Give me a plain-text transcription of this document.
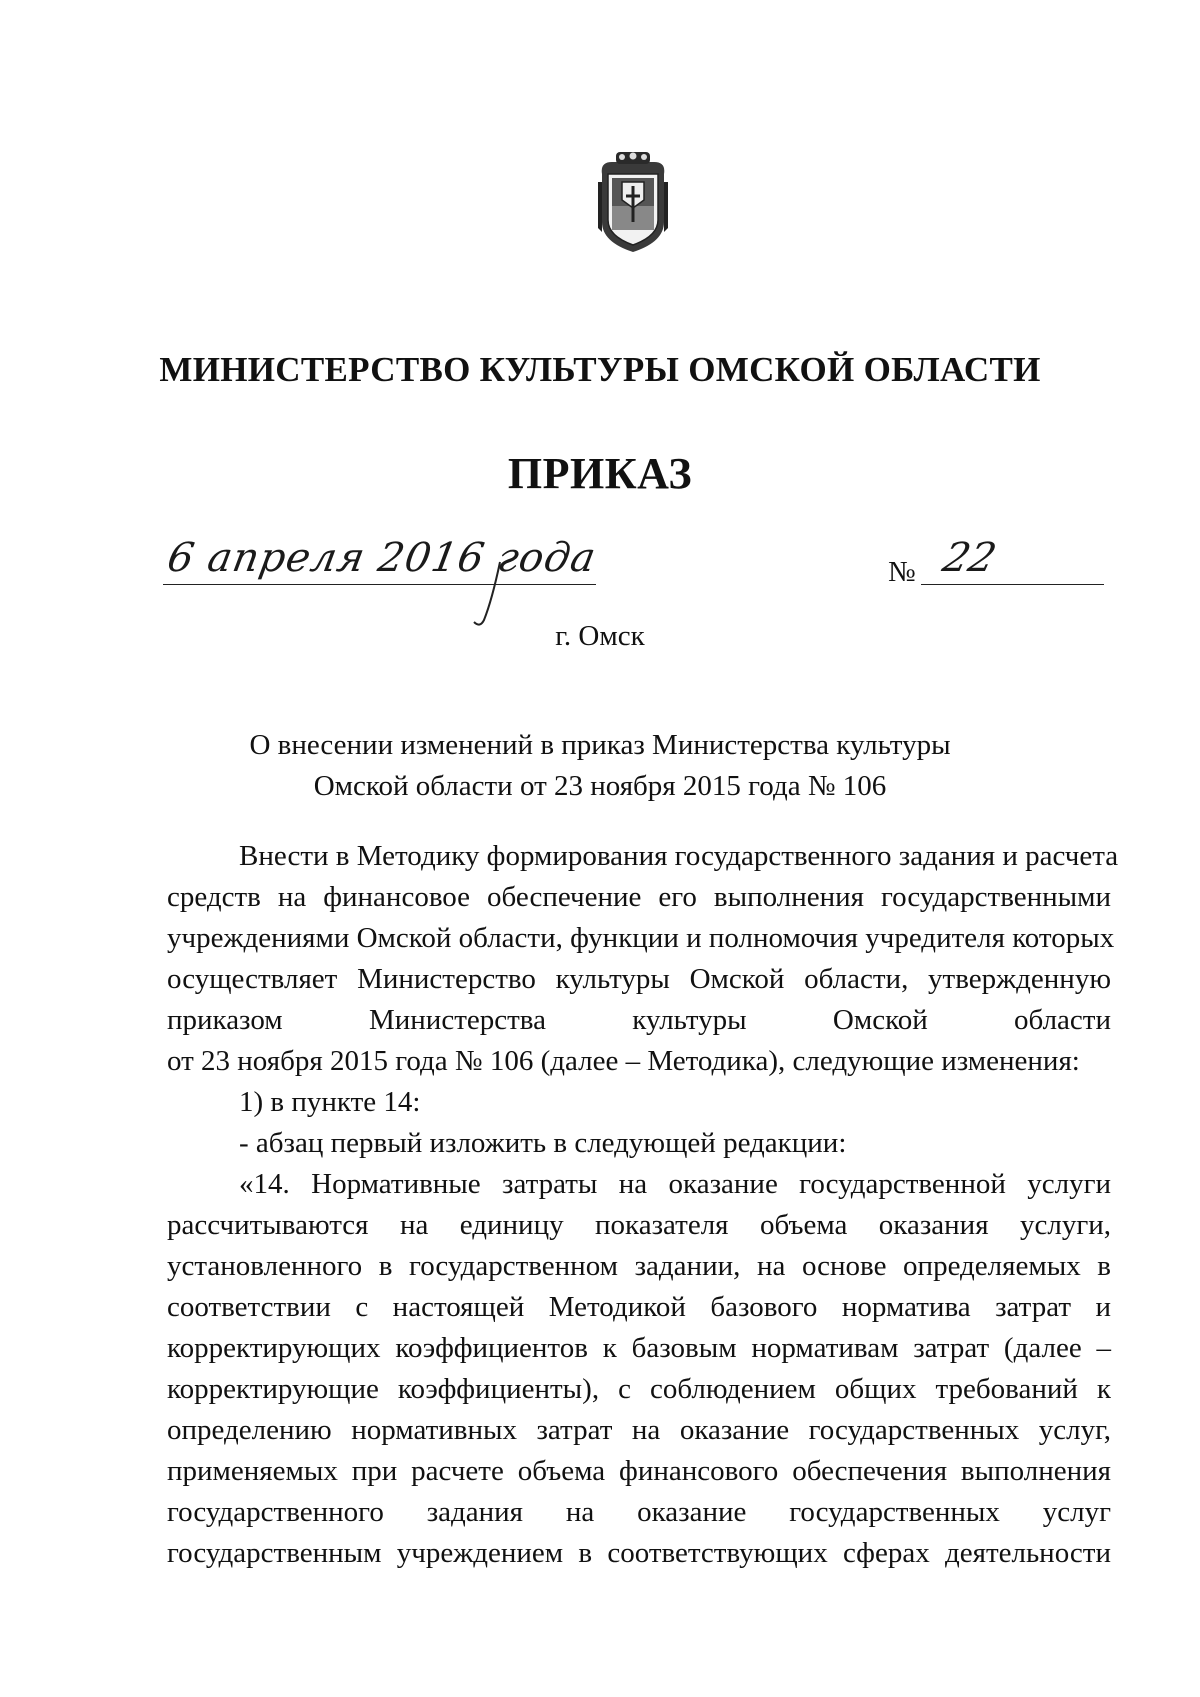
МИНИСТЕРСТВО КУЛЬТУРЫ ОМСКОЙ ОБЛАСТИ
ПРИКАЗ
6 апреля 2016 года	№ 22
г. Омск
О внесении изменений в приказ Министерства культуры
Омской области от 23 ноября 2015 года № 106
Внести в Методику формирования государственного задания и расчета
средств на финансовое обеспечение его выполнения государственными
учреждениями Омской области, функции и полномочия учредителя которых
осуществляет Министерство культуры Омской области, утвержденную
приказом Министерства культуры Омской области
от 23 ноября 2015 года № 106 (далее – Методика), следующие изменения:
1) в пункте 14:
- абзац первый изложить в следующей редакции:
«14. Нормативные затраты на оказание государственной услуги
рассчитываются на единицу показателя объема оказания услуги,
установленного в государственном задании, на основе определяемых в
соответствии с настоящей Методикой базового норматива затрат и
корректирующих коэффициентов к базовым нормативам затрат (далее –
корректирующие коэффициенты), с соблюдением общих требований к
определению нормативных затрат на оказание государственных услуг,
применяемых при расчете объема финансового обеспечения выполнения
государственного задания на оказание государственных услуг
государственным учреждением в соответствующих сферах деятельности
